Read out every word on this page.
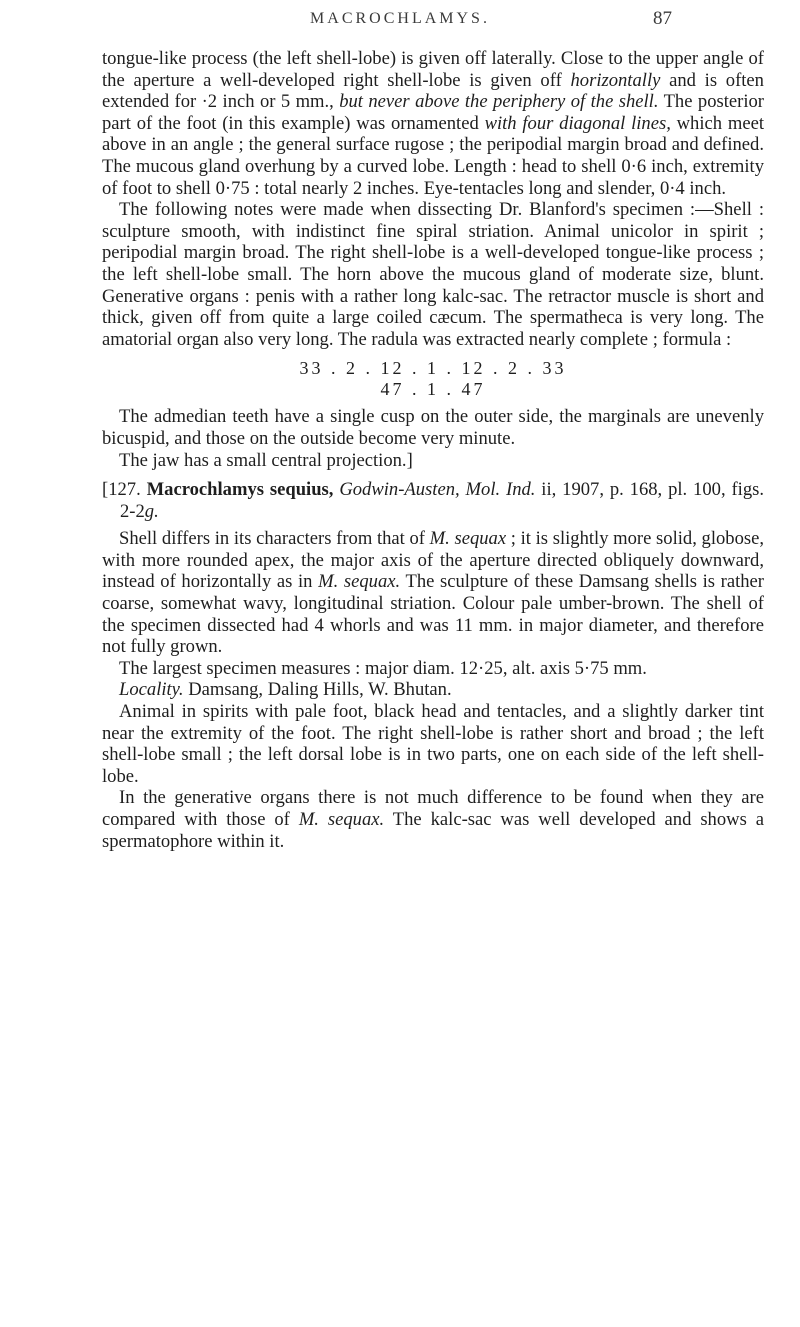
MACROCHLAMYS.	87

tongue-like process (the left shell-lobe) is given off laterally. Close to the upper angle of the aperture a well-developed right shell-lobe is given off horizontally and is often extended for ·2 inch or 5 mm., but never above the periphery of the shell. The posterior part of the foot (in this example) was ornamented with four diagonal lines, which meet above in an angle ; the general surface rugose ; the peripodial margin broad and defined. The mucous gland overhung by a curved lobe. Length : head to shell 0·6 inch, extremity of foot to shell 0·75 : total nearly 2 inches. Eye-tentacles long and slender, 0·4 inch.

The following notes were made when dissecting Dr. Blanford's specimen :—Shell : sculpture smooth, with indistinct fine spiral striation. Animal unicolor in spirit ; peripodial margin broad. The right shell-lobe is a well-developed tongue-like process ; the left shell-lobe small. The horn above the mucous gland of moderate size, blunt. Generative organs : penis with a rather long kalc-sac. The retractor muscle is short and thick, given off from quite a large coiled cæcum. The spermatheca is very long. The amatorial organ also very long. The radula was extracted nearly complete ; formula :

33 . 2 . 12 . 1 . 12 . 2 . 33
47 . 1 . 47

The admedian teeth have a single cusp on the outer side, the marginals are unevenly bicuspid, and those on the outside become very minute.

The jaw has a small central projection.]

[127. Macrochlamys sequius, Godwin-Austen, Mol. Ind. ii, 1907, p. 168, pl. 100, figs. 2-2g.

Shell differs in its characters from that of M. sequax ; it is slightly more solid, globose, with more rounded apex, the major axis of the aperture directed obliquely downward, instead of horizontally as in M. sequax. The sculpture of these Damsang shells is rather coarse, somewhat wavy, longitudinal striation. Colour pale umber-brown. The shell of the specimen dissected had 4 whorls and was 11 mm. in major diameter, and therefore not fully grown.

The largest specimen measures : major diam. 12·25, alt. axis 5·75 mm.

Locality. Damsang, Daling Hills, W. Bhutan.

Animal in spirits with pale foot, black head and tentacles, and a slightly darker tint near the extremity of the foot. The right shell-lobe is rather short and broad ; the left shell-lobe small ; the left dorsal lobe is in two parts, one on each side of the left shell-lobe.

In the generative organs there is not much difference to be found when they are compared with those of M. sequax. The kalc-sac was well developed and shows a spermatophore within it.
